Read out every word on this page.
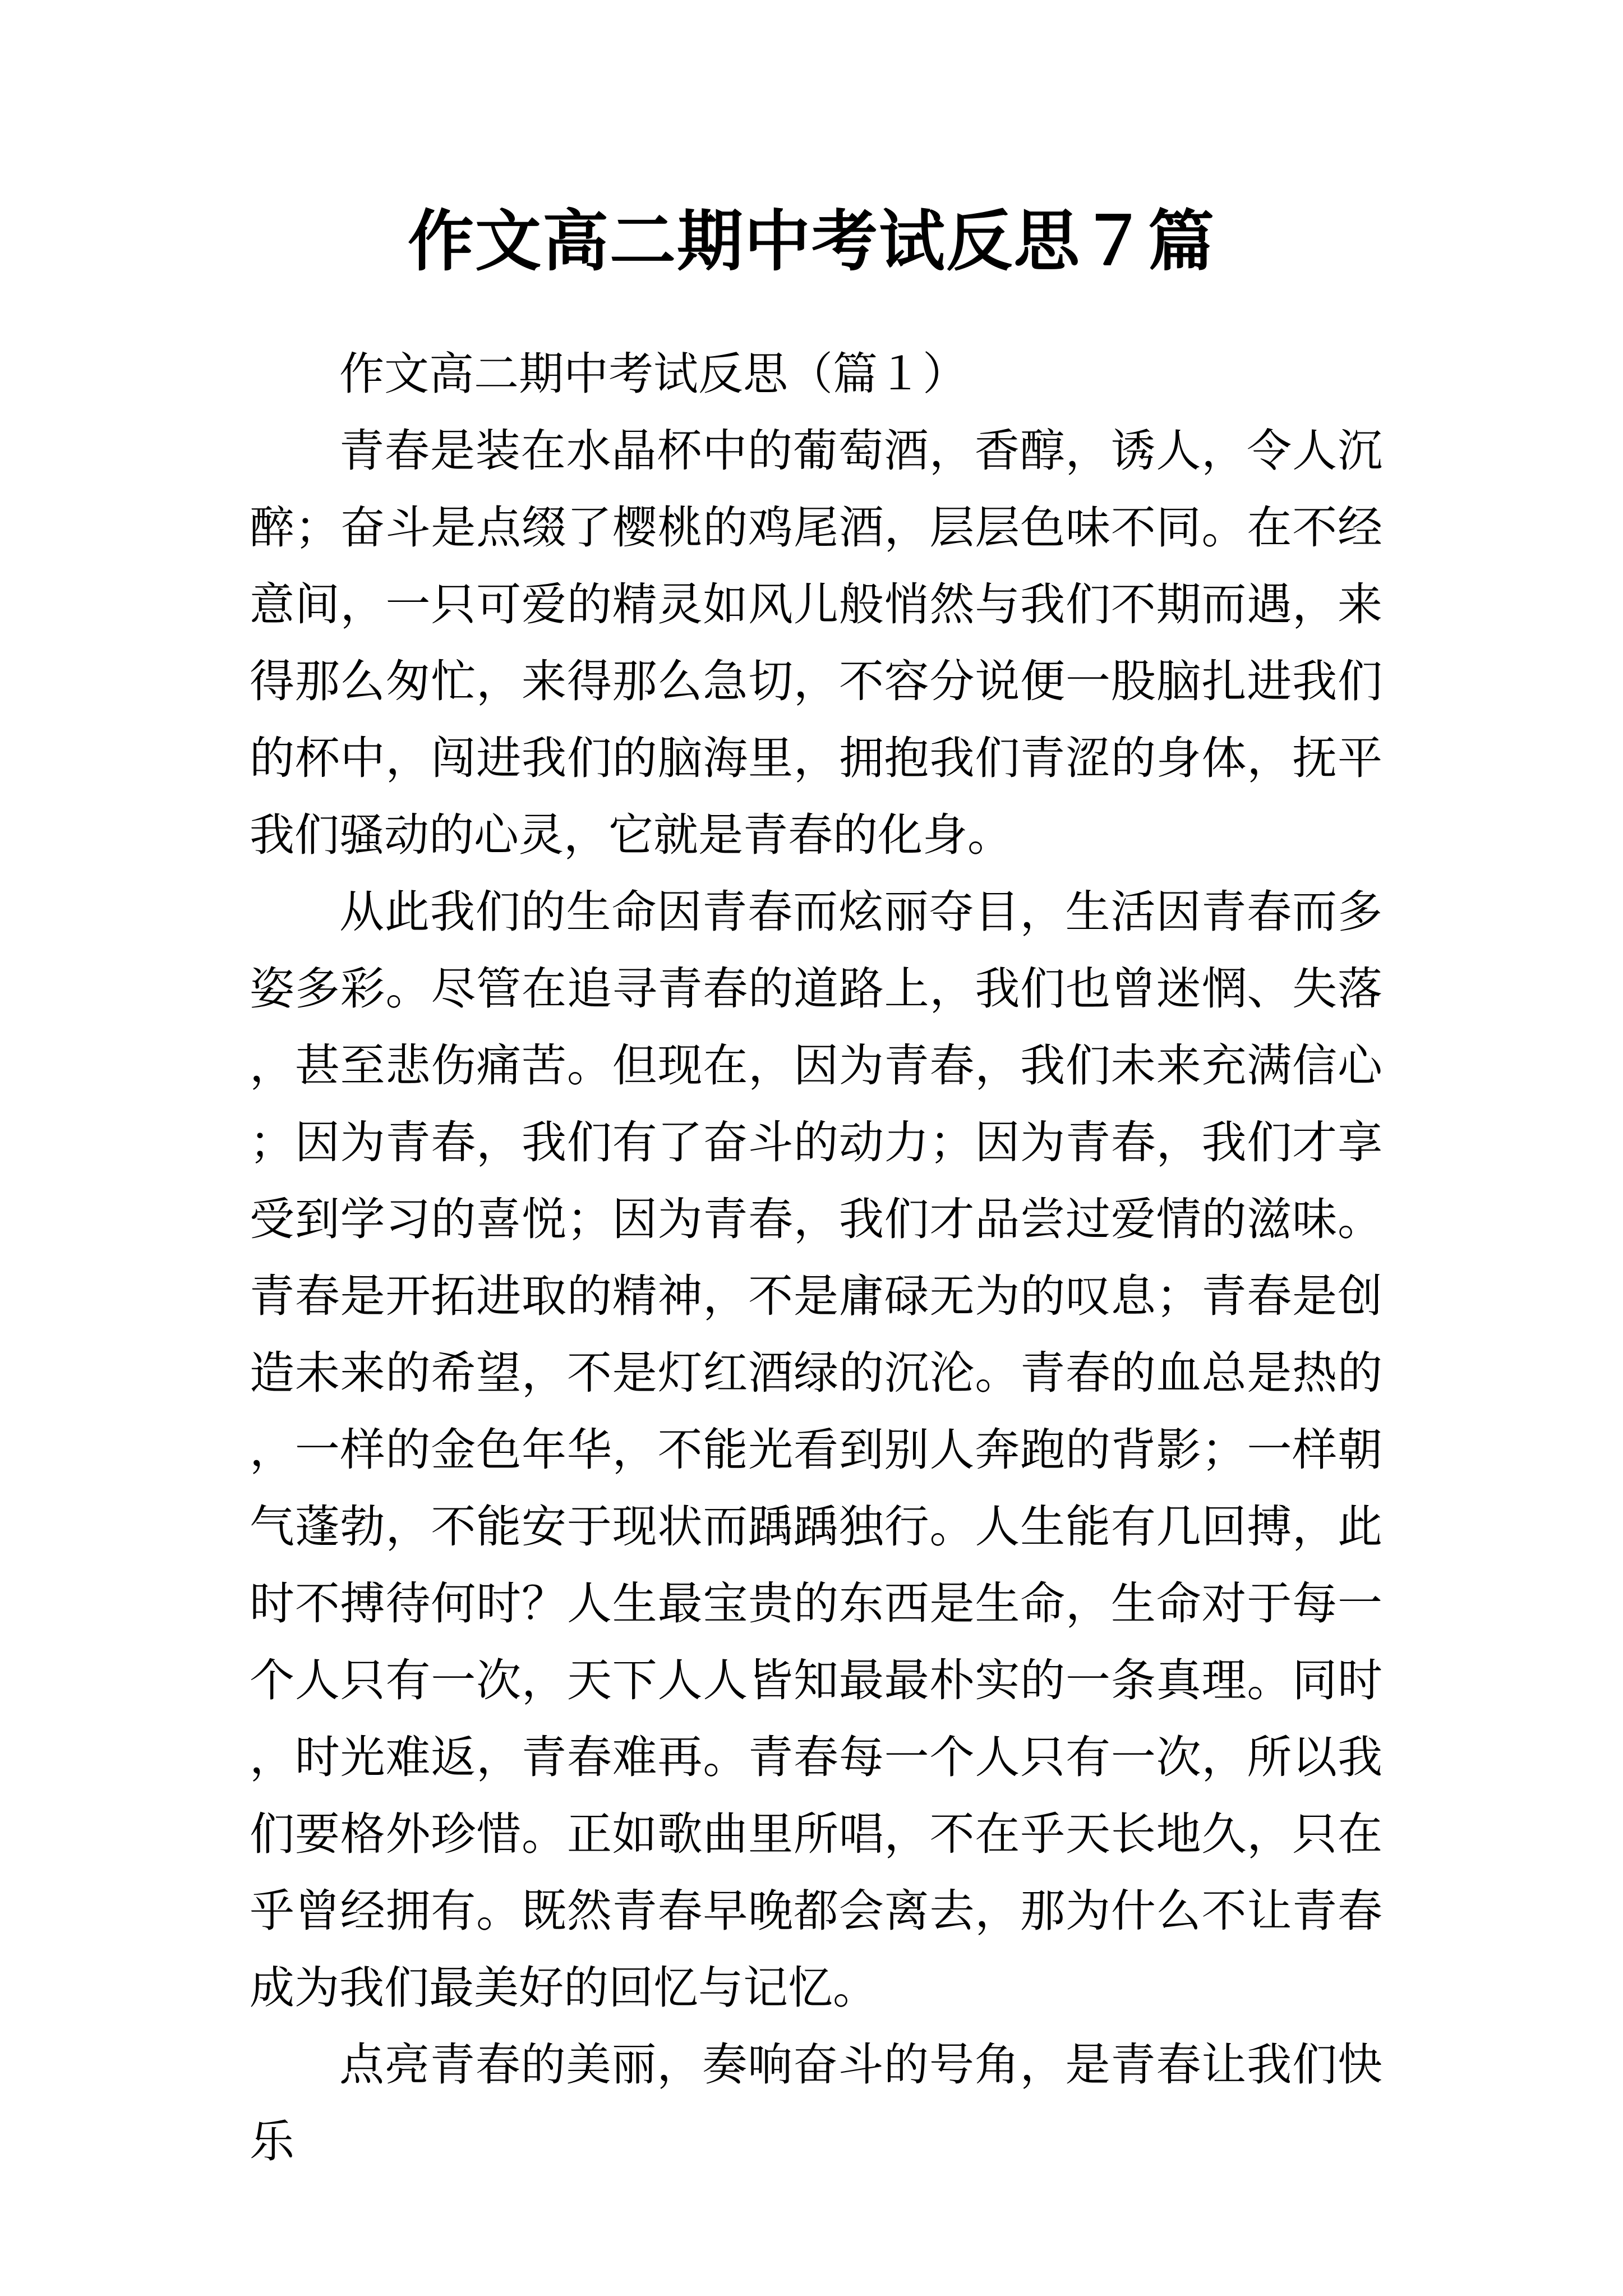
作文高二期中考试反思７篇

作文高二期中考试反思（篇１）

青春是装在水晶杯中的葡萄酒，香醇，诱人，令人沉醉；奋斗是点缀了樱桃的鸡尾酒，层层色味不同。在不经意间，一只可爱的精灵如风儿般悄然与我们不期而遇，来得那么匆忙，来得那么急切，不容分说便一股脑扎进我们的杯中，闯进我们的脑海里，拥抱我们青涩的身体，抚平我们骚动的心灵，它就是青春的化身。

从此我们的生命因青春而炫丽夺目，生活因青春而多姿多彩。尽管在追寻青春的道路上，我们也曾迷惘、失落，甚至悲伤痛苦。但现在，因为青春，我们未来充满信心；因为青春，我们有了奋斗的动力；因为青春，我们才享受到学习的喜悦；因为青春，我们才品尝过爱情的滋味。青春是开拓进取的精神，不是庸碌无为的叹息；青春是创造未来的希望，不是灯红酒绿的沉沦。青春的血总是热的，一样的金色年华，不能光看到别人奔跑的背影；一样朝气蓬勃，不能安于现状而踽踽独行。人生能有几回搏，此时不搏待何时？人生最宝贵的东西是生命，生命对于每一个人只有一次，天下人人皆知最最朴实的一条真理。同时，时光难返，青春难再。青春每一个人只有一次，所以我们要格外珍惜。正如歌曲里所唱，不在乎天长地久，只在乎曾经拥有。既然青春早晚都会离去，那为什么不让青春成为我们最美好的回忆与记忆。

点亮青春的美丽，奏响奋斗的号角，是青春让我们快乐
